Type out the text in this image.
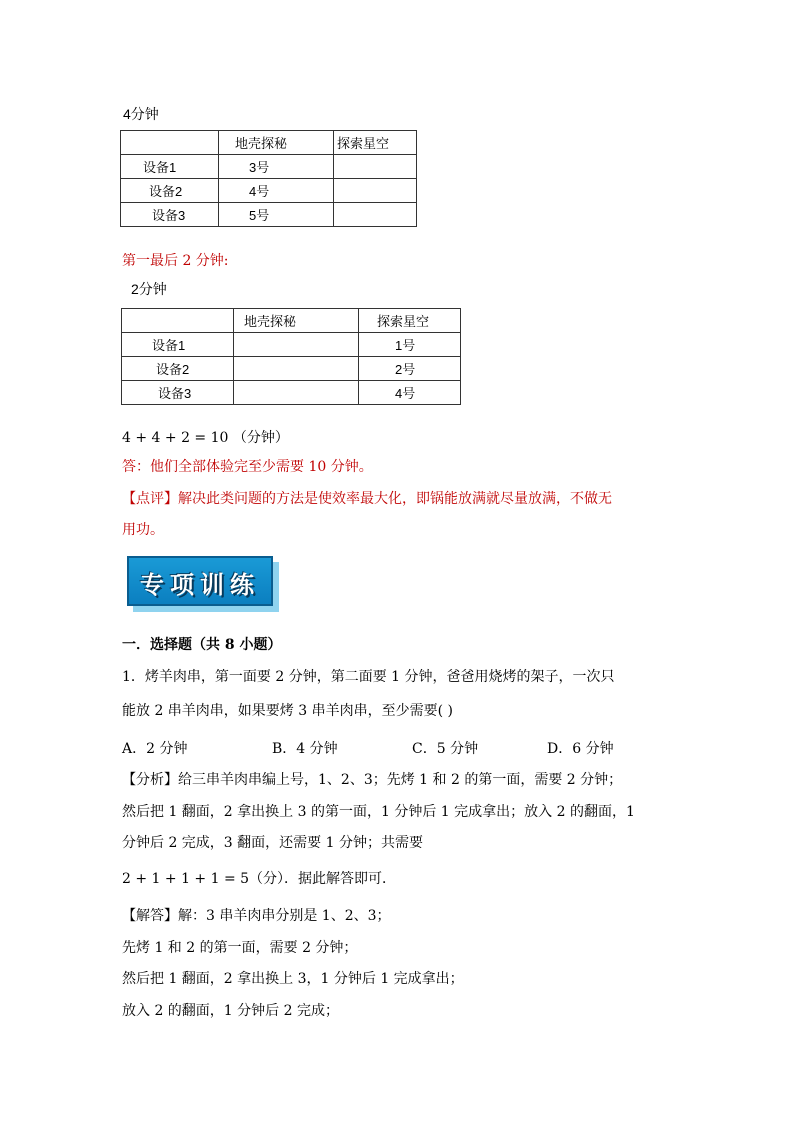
4分钟
	地壳探秘	探索星空
设备1	3号	
设备2	4号	
设备3	5号	
第一最后 2 分钟:
2分钟
	地壳探秘	探索星空
设备1		1号
设备2		2号
设备3		4号
4 + 4 + 2 = 10 （分钟）
答：他们全部体验完至少需要 10 分钟。
【点评】解决此类问题的方法是使效率最大化，即锅能放满就尽量放满，不做无
用功。
专项训练
一．选择题（共 8 小题）
1．烤羊肉串，第一面要 2 分钟，第二面要 1 分钟，爸爸用烧烤的架子，一次只
能放 2 串羊肉串，如果要烤 3 串羊肉串，至少需要( )
A．2 分钟	B．4 分钟	C．5 分钟	D．6 分钟
【分析】给三串羊肉串编上号，1、2、3；先烤 1 和 2 的第一面，需要 2 分钟；
然后把 1 翻面，2 拿出换上 3 的第一面，1 分钟后 1 完成拿出；放入 2 的翻面，1
分钟后 2 完成，3 翻面，还需要 1 分钟；共需要
2 + 1 + 1 + 1 = 5（分）．据此解答即可．
【解答】解：3 串羊肉串分别是 1、2、3；
先烤 1 和 2 的第一面，需要 2 分钟；
然后把 1 翻面，2 拿出换上 3，1 分钟后 1 完成拿出；
放入 2 的翻面，1 分钟后 2 完成；
